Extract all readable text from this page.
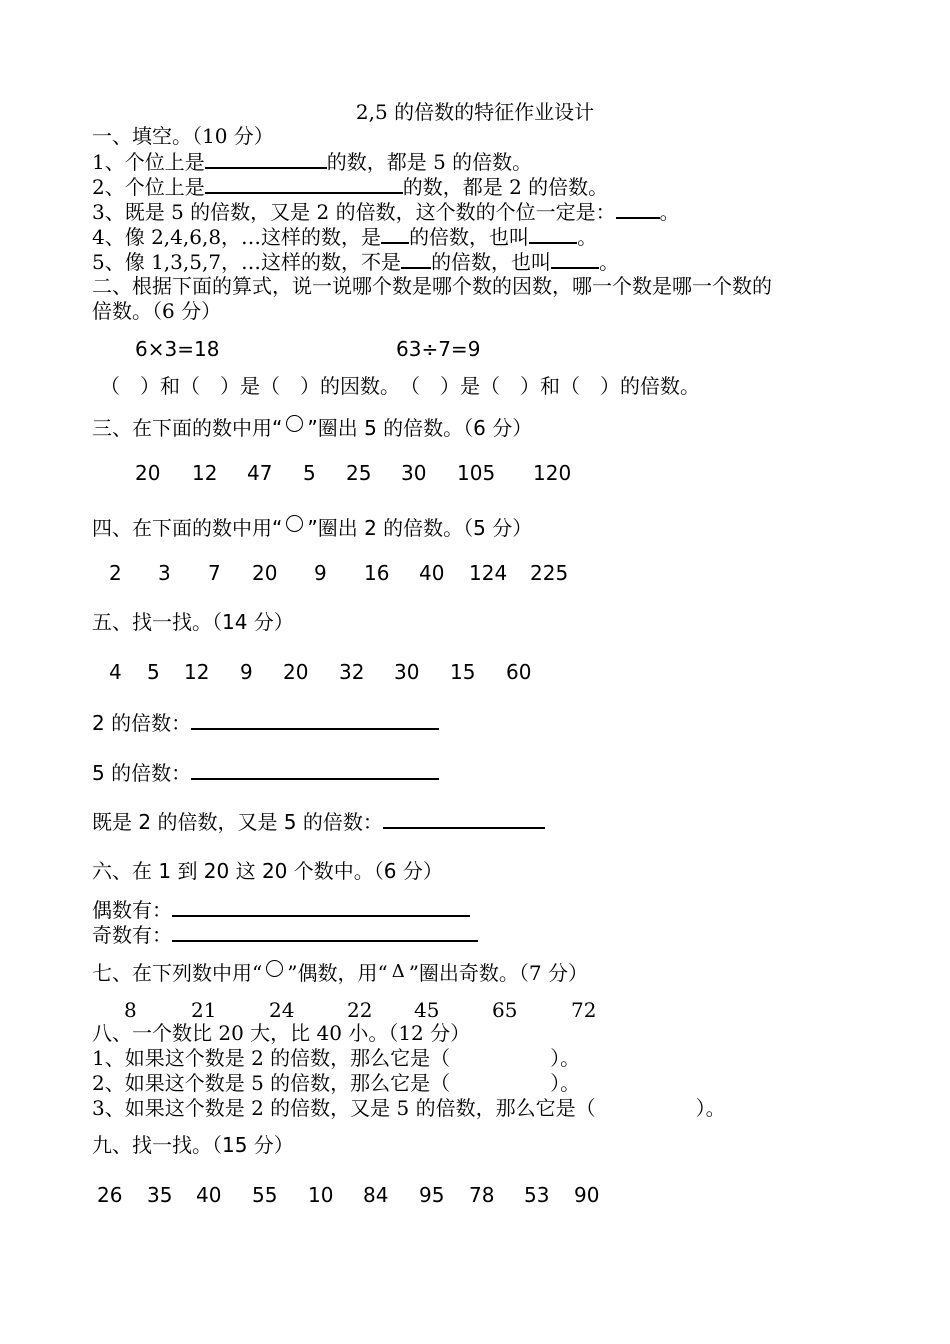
2,5 的倍数的特征作业设计
一、填空。（10 分）
1、个位上是	的数，都是 5 的倍数。
2、个位上是	的数，都是 2 的倍数。
3、既是 5 的倍数，又是 2 的倍数，这个数的个位一定是： 。
4、像 2,4,6,8，…这样的数，是 的倍数，也叫 。
5、像 1,3,5,7，…这样的数，不是 的倍数，也叫 。
二、根据下面的算式，说一说哪个数是哪个数的因数，哪一个数是哪一个数的
倍数。（6 分）
6×3=18	63÷7=9
（　）和（　）是（　）的因数。　（　）是（　）和（　）的倍数。
三、在下面的数中用“ ”圈出 5 的倍数。（6 分）
20 12 47 5 25 30 105 120
四、在下面的数中用“ ”圈出 2 的倍数。（5 分）
2 3 7 20 9 16 40 124 225
五、找一找。（14 分）
4 5 12 9 20 32 30 15 60
2 的倍数：
5 的倍数：
既是 2 的倍数，又是 5 的倍数：
六、在 1 到 20 这 20 个数中。（6 分）
偶数有：
奇数有：
七、在下列数中用“ ”偶数，用“ Δ ”圈出奇数。（7 分）
8	21	24	22 45	65	72
八、一个数比 20 大，比 40 小。（12 分）
1、如果这个数是 2 的倍数，那么它是（　　　　　）。
2、如果这个数是 5 的倍数，那么它是（　　　　　）。
3、如果这个数是 2 的倍数，又是 5 的倍数，那么它是（　　　　　）。
九、找一找。（15 分）
26 35 40 55 10 84 95 78 53 90
